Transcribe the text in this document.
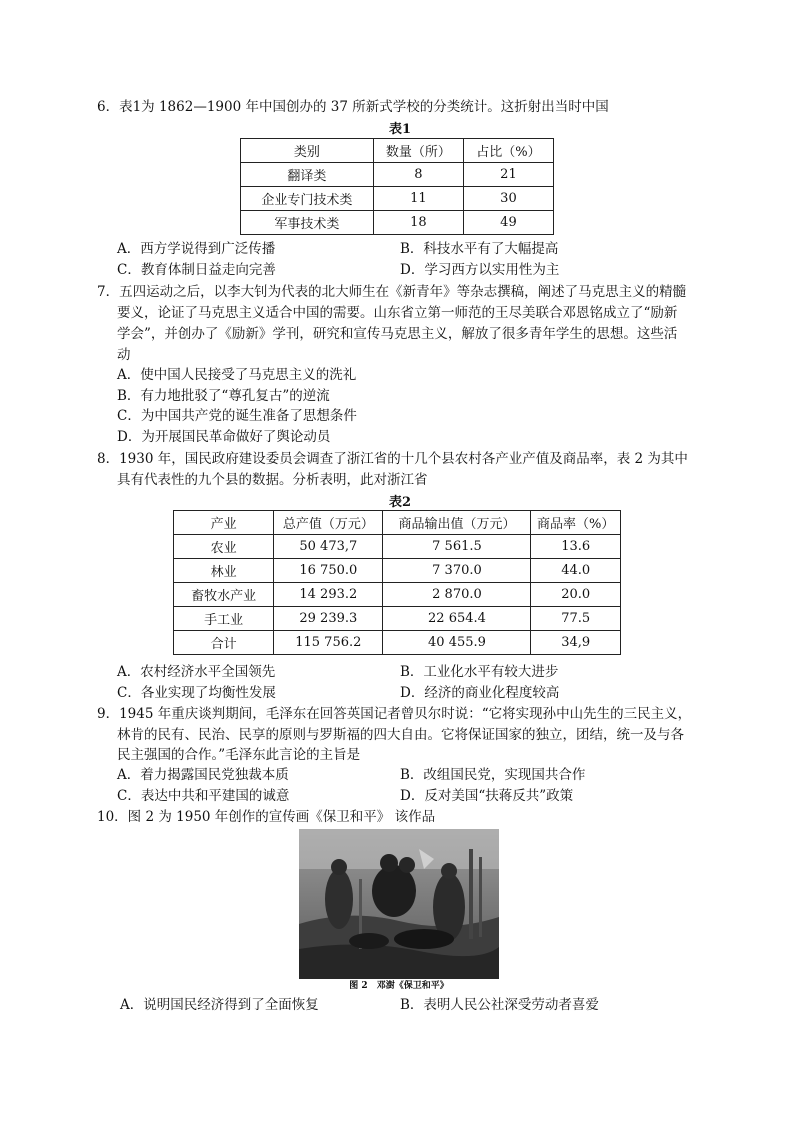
6．表1为 1862—1900 年中国创办的 37 所新式学校的分类统计。这折射出当时中国
表1
类别	数量（所）	占比（%）
翻译类	8	21
企业专门技术类	11	30
军事技术类	18	49
A．西方学说得到广泛传播	B．科技水平有了大幅提高
C．教育体制日益走向完善	D．学习西方以实用性为主
7．五四运动之后，以李大钊为代表的北大师生在《新青年》等杂志撰稿，阐述了马克思主义的精髓
要义，论证了马克思主义适合中国的需要。山东省立第一师范的王尽美联合邓恩铭成立了“励新
学会”，并创办了《励新》学刊，研究和宣传马克思主义，解放了很多青年学生的思想。这些活
动
A．使中国人民接受了马克思主义的洗礼
B．有力地批驳了“尊孔复古”的逆流
C．为中国共产党的诞生准备了思想条件
D．为开展国民革命做好了舆论动员
8．1930 年，国民政府建设委员会调查了浙江省的十几个县农村各产业产值及商品率，表 2 为其中
具有代表性的九个县的数据。分析表明，此对浙江省
表2
产业	总产值（万元）	商品输出值（万元）	商品率（%）
农业	50 473,7	7 561.5	13.6
林业	16 750.0	7 370.0	44.0
畜牧水产业	14 293.2	2 870.0	20.0
手工业	29 239.3	22 654.4	77.5
合计	115 756.2	40 455.9	34,9
A．农村经济水平全国领先	B．工业化水平有较大进步
C．各业实现了均衡性发展	D．经济的商业化程度较高
9．1945 年重庆谈判期间，毛泽东在回答英国记者曾贝尔时说：“它将实现孙中山先生的三民主义，
林肯的民有、民治、民享的原则与罗斯福的四大自由。它将保证国家的独立，团结，统一及与各
民主强国的合作。”毛泽东此言论的主旨是
A．着力揭露国民党独裁本质	B．改组国民党，实现国共合作
C．表达中共和平建国的诚意	D．反对美国“扶蒋反共”政策
10．图 2 为 1950 年创作的宣传画《保卫和平》 该作品
图 2　邓澍《保卫和平》
A．说明国民经济得到了全面恢复	B．表明人民公社深受劳动者喜爱
